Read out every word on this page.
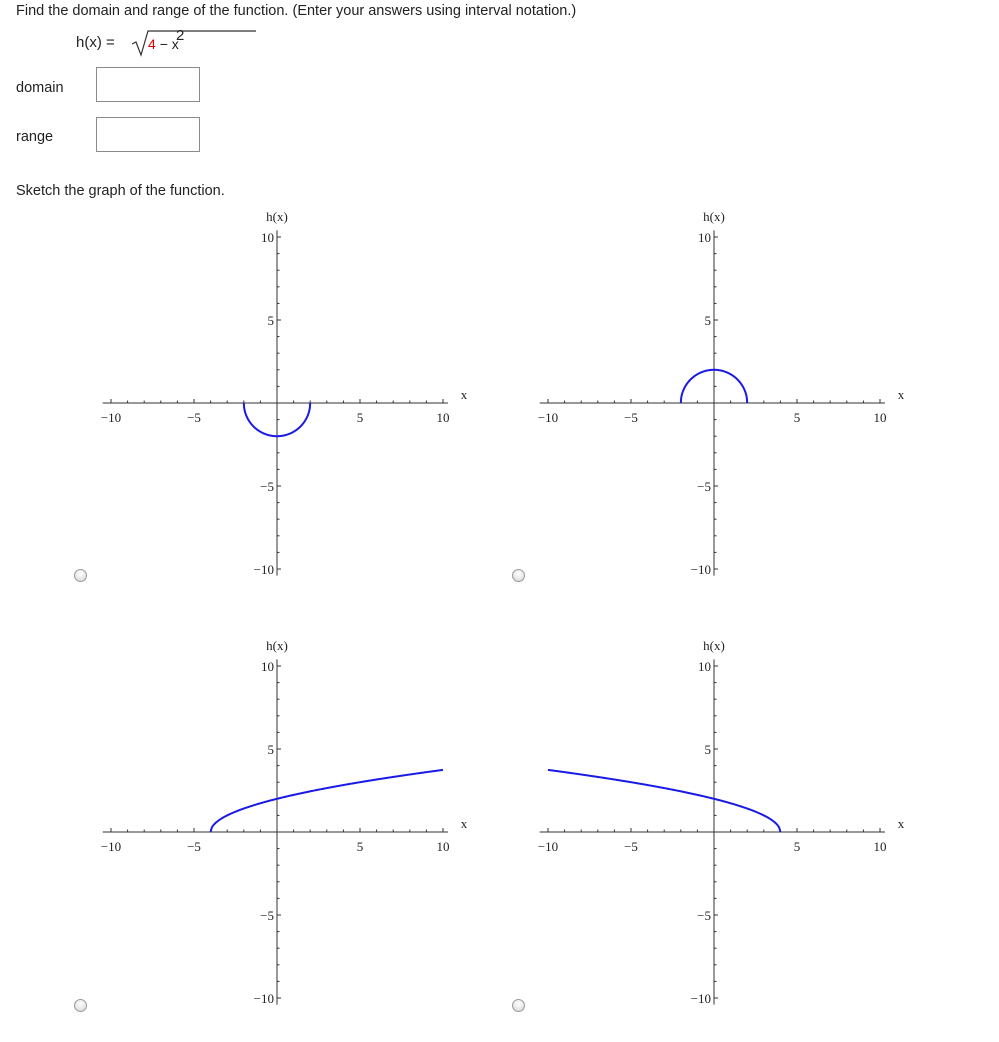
Find the domain and range of the function. (Enter your answers using interval notation.)
h(x) = 4 − x
2
domain
range
Sketch the graph of the function.
−10	−5	5	10
10
5
−5
−10
h(x)
x
−10	−5	5	10
10
5
−5
−10
h(x)
x
−10	−5	5	10
10
5
−5
−10
h(x)
x
−10	−5	5	10
10
5
−5
−10
h(x)
x
